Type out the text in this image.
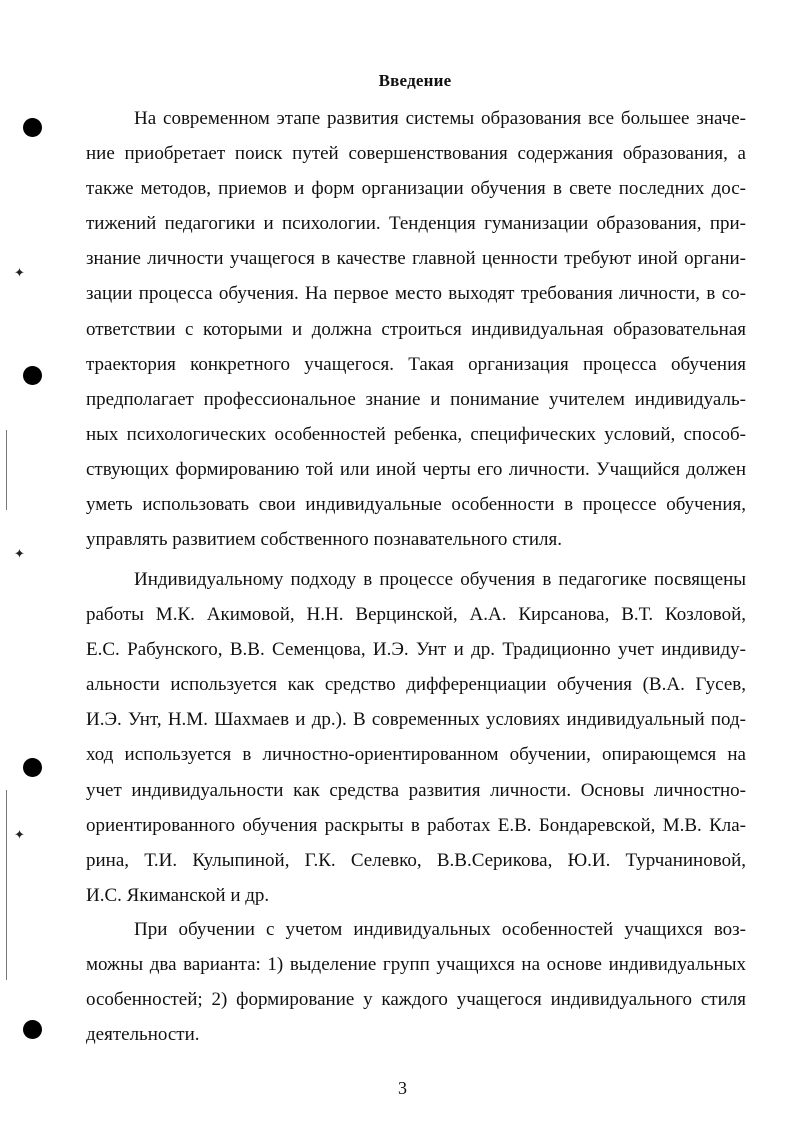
✦
✦
✦
Введение
На современном этапе развития системы образования все большее значе-
ние приобретает поиск путей совершенствования содержания образования, а
также методов, приемов и форм организации обучения в свете последних дос-
тижений педагогики и психологии. Тенденция гуманизации образования, при-
знание личности учащегося в качестве главной ценности требуют иной органи-
зации процесса обучения. На первое место выходят требования личности, в со-
ответствии с которыми и должна строиться индивидуальная образовательная
траектория конкретного учащегося. Такая организация процесса обучения
предполагает профессиональное знание и понимание учителем индивидуаль-
ных психологических особенностей ребенка, специфических условий, способ-
ствующих формированию той или иной черты его личности. Учащийся должен
уметь использовать свои индивидуальные особенности в процессе обучения,
управлять развитием собственного познавательного стиля.
Индивидуальному подходу в процессе обучения в педагогике посвящены
работы М.К. Акимовой, Н.Н. Верцинской, А.А. Кирсанова, В.Т. Козловой,
Е.С. Рабунского, В.В. Семенцова, И.Э. Унт и др. Традиционно учет индивиду-
альности используется как средство дифференциации обучения (В.А. Гусев,
И.Э. Унт, Н.М. Шахмаев и др.). В современных условиях индивидуальный под-
ход используется в личностно-ориентированном обучении, опирающемся на
учет индивидуальности как средства развития личности. Основы личностно-
ориентированного обучения раскрыты в работах Е.В. Бондаревской, М.В. Кла-
рина, Т.И. Кулыпиной, Г.К. Селевко, В.В.Серикова, Ю.И. Турчаниновой,
И.С. Якиманской и др.
При обучении с учетом индивидуальных особенностей учащихся воз-
можны два варианта: 1) выделение групп учащихся на основе индивидуальных
особенностей; 2) формирование у каждого учащегося индивидуального стиля
деятельности.
3
